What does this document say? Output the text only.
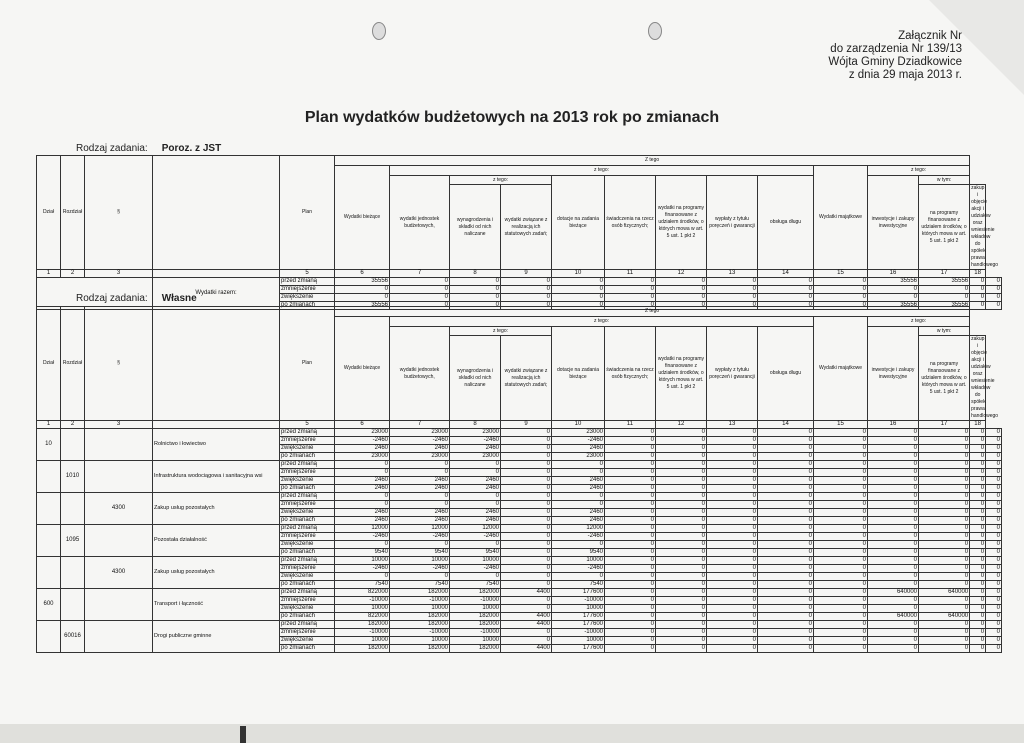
Załącznik Nr
do zarządzenia Nr 139/13
Wójta Gminy Dziadkowice
z dnia 29 maja 2013 r.
Plan wydatków budżetowych na 2013 rok po zmianach
Rodzaj zadania: Poroz. z JST
Rodzaj zadania: Własne
Dział	Rozdział	§		Plan	Z tego													
					Wydatki bieżące	z tego:								Wydatki majątkowe	z tego:			
						wydatki jednostek budżetowych,	z tego:		dotacje na zadania bieżące	świadczenia na rzecz osób fizycznych;	wydatki na programy finansowane z udziałem środków, o których mowa w art. 5 ust. 1 pkt 2	wypłaty z tytułu poręczeń i gwarancji	obsługa długu		inwestycje i zakupy inwestycyjne	w tym:		
							wynagrodzenia i składki od nich naliczane	wydatki związane z realizacją ich statutowych zadań;								na programy finansowane z udziałem środków, o których mowa w art. 5 ust. 1 pkt 2	zakup i objęcie akcji i udziałów oraz wniesienie wkładów do spółek prawa handlowego	
1	2	3		5	6	7	8	9	10	11	12	13	14	15	16	17	18	
			Wydatki razem:	przed zmianą	35556	0	0	0	0	0	0	0	0	0	35556	35556	0	0
				zmniejszenie	0	0	0	0	0	0	0	0	0	0	0	0	0	0
				zwiększenie	0	0	0	0	0	0	0	0	0	0	0	0	0	0
				po zmianach	35556	0	0	0	0	0	0	0	0	0	35556	35556	0	0
Dział	Rozdział	§		Plan	Z tego													
					Wydatki bieżące	z tego:								Wydatki majątkowe	z tego:			
						wydatki jednostek budżetowych,	z tego:		dotacje na zadania bieżące	świadczenia na rzecz osób fizycznych;	wydatki na programy finansowane z udziałem środków, o których mowa w art. 5 ust. 1 pkt 2	wypłaty z tytułu poręczeń i gwarancji	obsługa długu		inwestycje i zakupy inwestycyjne	w tym:		
							wynagrodzenia i składki od nich naliczane	wydatki związane z realizacją ich statutowych zadań;								na programy finansowane z udziałem środków, o których mowa w art. 5 ust. 1 pkt 2	zakup i objęcie akcji i udziałów oraz wniesienie wkładów do spółek prawa handlowego	
1	2	3		5	6	7	8	9	10	11	12	13	14	15	16	17	18	
10			Rolnictwo i łowiectwo	przed zmianą	23000	23000	23000	0	23000	0	0	0	0	0	0	0	0	0
				zmniejszenie	-2460	-2460	-2460	0	-2460	0	0	0	0	0	0	0	0	0
				zwiększenie	2460	2460	2460	0	2460	0	0	0	0	0	0	0	0	0
				po zmianach	23000	23000	23000	0	23000	0	0	0	0	0	0	0	0	0
	1010		Infrastruktura wodociągowa i sanitacyjna wsi	przed zmianą	0	0	0	0	0	0	0	0	0	0	0	0	0	0
				zmniejszenie	0	0	0	0	0	0	0	0	0	0	0	0	0	0
				zwiększenie	2460	2460	2460	0	2460	0	0	0	0	0	0	0	0	0
				po zmianach	2460	2460	2460	0	2460	0	0	0	0	0	0	0	0	0
		4300	Zakup usług pozostałych	przed zmianą	0	0	0	0	0	0	0	0	0	0	0	0	0	0
				zmniejszenie	0	0	0	0	0	0	0	0	0	0	0	0	0	0
				zwiększenie	2460	2460	2460	0	2460	0	0	0	0	0	0	0	0	0
				po zmianach	2460	2460	2460	0	2460	0	0	0	0	0	0	0	0	0
	1095		Pozostała działalność	przed zmianą	12000	12000	12000	0	12000	0	0	0	0	0	0	0	0	0
				zmniejszenie	-2460	-2460	-2460	0	-2460	0	0	0	0	0	0	0	0	0
				zwiększenie	0	0	0	0	0	0	0	0	0	0	0	0	0	0
				po zmianach	9540	9540	9540	0	9540	0	0	0	0	0	0	0	0	0
		4300	Zakup usług pozostałych	przed zmianą	10000	10000	10000	0	10000	0	0	0	0	0	0	0	0	0
				zmniejszenie	-2460	-2460	-2460	0	-2460	0	0	0	0	0	0	0	0	0
				zwiększenie	0	0	0	0	0	0	0	0	0	0	0	0	0	0
				po zmianach	7540	7540	7540	0	7540	0	0	0	0	0	0	0	0	0
600			Transport i łączność	przed zmianą	822000	182000	182000	4400	177600	0	0	0	0	0	640000	640000	0	0
				zmniejszenie	-10000	-10000	-10000	0	-10000	0	0	0	0	0	0	0	0	0
				zwiększenie	10000	10000	10000	0	10000	0	0	0	0	0	0	0	0	0
				po zmianach	822000	182000	182000	4400	177600	0	0	0	0	0	640000	640000	0	0
	60016		Drogi publiczne gminne	przed zmianą	182000	182000	182000	4400	177600	0	0	0	0	0	0	0	0	0
				zmniejszenie	-10000	-10000	-10000	0	-10000	0	0	0	0	0	0	0	0	0
				zwiększenie	10000	10000	10000	0	10000	0	0	0	0	0	0	0	0	0
				po zmianach	182000	182000	182000	4400	177600	0	0	0	0	0	0	0	0	0
